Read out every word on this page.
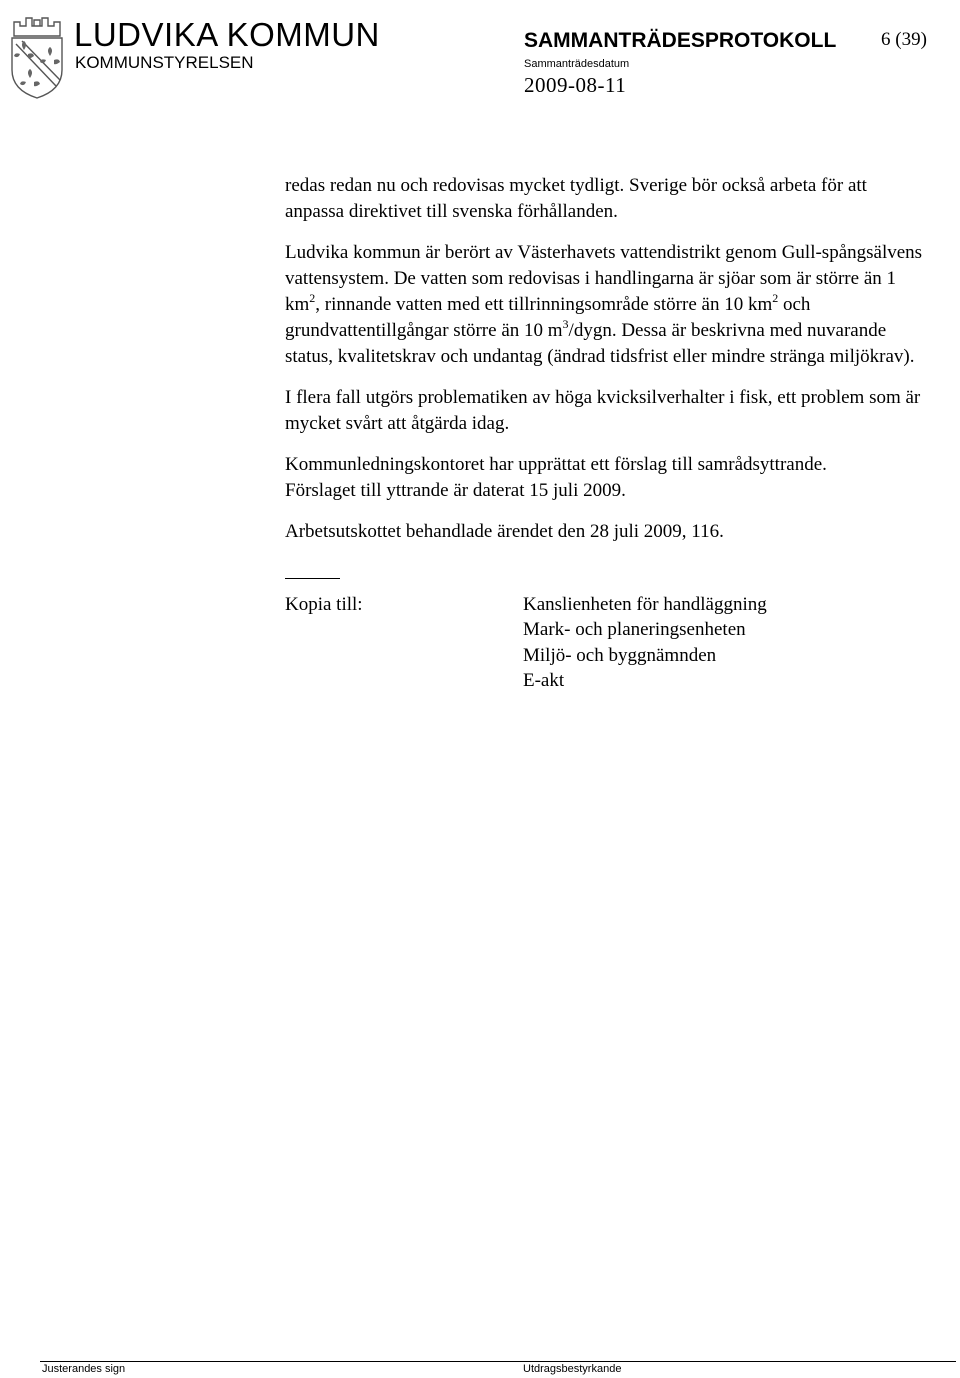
LUDVIKA KOMMUN
KOMMUNSTYRELSEN
SAMMANTRÄDESPROTOKOLL 6 (39)
Sammanträdesdatum
2009-08-11

redas redan nu och redovisas mycket tydligt. Sverige bör också arbeta för att anpassa direktivet till svenska förhållanden.

Ludvika kommun är berört av Västerhavets vattendistrikt genom Gull-spångsälvens vattensystem. De vatten som redovisas i handlingarna är sjöar som är större än 1 $km^2$, rinnande vatten med ett tillrinningsområde större än 10 $km^2$ och grundvattentillgångar större än 10 $m^3$/dygn. Dessa är beskrivna med nuvarande status, kvalitetskrav och undantag (ändrad tidsfrist eller mindre stränga miljökrav).

I flera fall utgörs problematiken av höga kvicksilverhalter i fisk, ett problem som är mycket svårt att åtgärda idag.

Kommunledningskontoret har upprättat ett förslag till samrådsyttrande.

Förslaget till yttrande är daterat 15 juli 2009.

Arbetsutskottet behandlade ärendet den 28 juli 2009, 116.

Kopia till:	Kanslienheten för handläggning
Mark- och planeringsenheten
Miljö- och byggnämnden
E-akt
Justerandes sign	Utdragsbestyrkande
